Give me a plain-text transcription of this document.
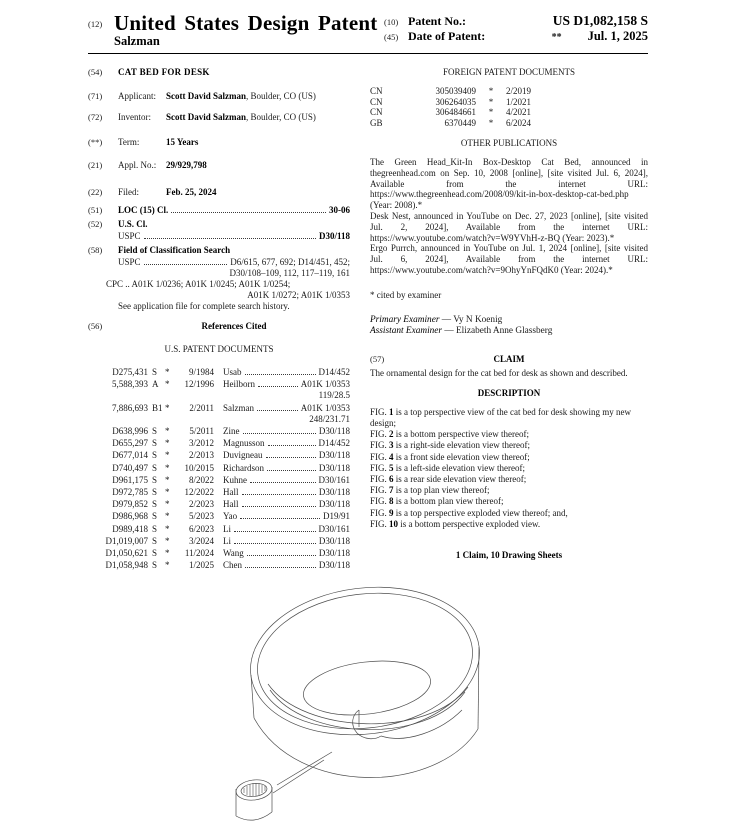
(12) United States Design Patent
Salzman
(10) Patent No.:	US D1,082,158 S
(45) Date of Patent:	** Jul. 1, 2025
(54)	CAT BED FOR DESK
(71)	Applicant:	Scott David Salzman, Boulder, CO (US)
(72)	Inventor:	Scott David Salzman, Boulder, CO (US)
(**)	Term:	15 Years
(21)	Appl. No.:	29/929,798
(22)	Filed:	Feb. 25, 2024
(51)	LOC (15) Cl.	30-06
(52)	U.S. Cl.
USPC	D30/118
(58)	Field of Classification Search
USPC	D6/615, 677, 692; D14/451, 452;
D30/108–109, 112, 117–119, 161
CPC .. A01K 1/0236; A01K 1/0245; A01K 1/0254;
A01K 1/0272; A01K 1/0353
See application file for complete search history.
(56)	References Cited
U.S. PATENT DOCUMENTS
D275,431 S *	9/1984 Usab	D14/452
5,588,393 A *	12/1996 Heilborn	A01K 1/0353
119/28.5
7,886,693 B1 *	2/2011 Salzman	A01K 1/0353
248/231.71
D638,996 S *	5/2011 Zine	D30/118
D655,297 S *	3/2012 Magnusson	D14/452
D677,014 S *	2/2013 Duvigneau	D30/118
D740,497 S *	10/2015 Richardson	D30/118
D961,175 S *	8/2022 Kuhne	D30/161
D972,785 S *	12/2022 Hall	D30/118
D979,852 S *	2/2023 Hall	D30/118
D986,968 S *	5/2023 Yao	D19/91
D989,418 S *	6/2023 Li	D30/161
D1,019,007 S *	3/2024 Li	D30/118
D1,050,621 S *	11/2024 Wang	D30/118
D1,058,948 S *	1/2025 Chen	D30/118
FOREIGN PATENT DOCUMENTS
CN	305039409	*	2/2019
CN	306264035	*	1/2021
CN	306484661	*	4/2021
GB	6370449	*	6/2024
OTHER PUBLICATIONS

The Green Head_Kit-In Box-Desktop Cat Bed, announced in thegreenhead.com on Sep. 10, 2008 [online], [site visited Jul. 6, 2024], Available from the internet URL: https://www.thegreenhead.com/2008/09/kit-in-box-desktop-cat-bed.php (Year: 2008).*

Desk Nest, announced in YouTube on Dec. 27, 2023 [online], [site visited Jul. 2, 2024], Available from the internet URL: https://www.youtube.com/watch?v=W9YVhH-z-BQ (Year: 2023).*

Ergo Purrch, announced in YouTube on Jul. 1, 2024 [online], [site visited Jul. 6, 2024], Available from the internet URL: https://www.youtube.com/watch?v=9OhyYnFQdK0 (Year: 2024).*

* cited by examiner
Primary Examiner — Vy N Koenig
Assistant Examiner — Elizabeth Anne Glassberg
(57)	CLAIM
The ornamental design for the cat bed for desk as shown and described.
DESCRIPTION
FIG. 1 is a top perspective view of the cat bed for desk showing my new design;
FIG. 2 is a bottom perspective view thereof;
FIG. 3 is a right-side elevation view thereof;
FIG. 4 is a front side elevation view thereof;
FIG. 5 is a left-side elevation view thereof;
FIG. 6 is a rear side elevation view thereof;
FIG. 7 is a top plan view thereof;
FIG. 8 is a bottom plan view thereof;
FIG. 9 is a top perspective exploded view thereof; and,
FIG. 10 is a bottom perspective exploded view.
1 Claim, 10 Drawing Sheets
